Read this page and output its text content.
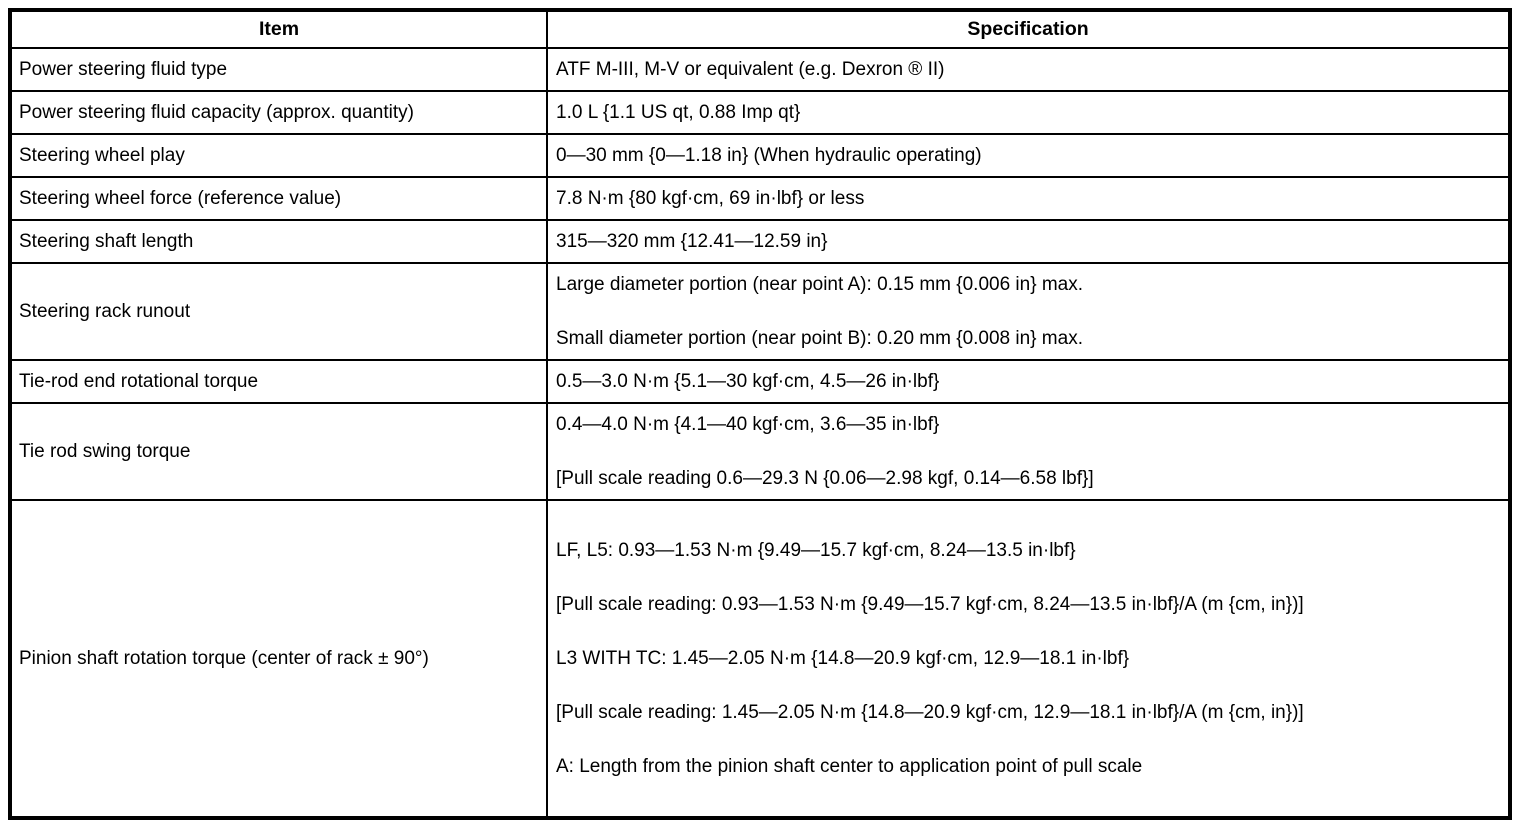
Item	Specification
Power steering fluid type	ATF M-III, M-V or equivalent (e.g. Dexron ® II)

Power steering fluid capacity (approx. quantity)	1.0 L {1.1 US qt, 0.88 Imp qt}

Steering wheel play	0—30 mm {0—1.18 in} (When hydraulic operating)

Steering wheel force (reference value)	7.8 N·m {80 kgf·cm, 69 in·lbf} or less

Steering shaft length	315—320 mm {12.41—12.59 in}

Steering rack runout	Large diameter portion (near point A): 0.15 mm {0.006 in} max.

Small diameter portion (near point B): 0.20 mm {0.008 in} max.

Tie-rod end rotational torque	0.5—3.0 N·m {5.1—30 kgf·cm, 4.5—26 in·lbf}

Tie rod swing torque	0.4—4.0 N·m {4.1—40 kgf·cm, 3.6—35 in·lbf}

[Pull scale reading 0.6—29.3 N {0.06—2.98 kgf, 0.14—6.58 lbf}]

Pinion shaft rotation torque (center of rack ± 90°)	LF, L5: 0.93—1.53 N·m {9.49—15.7 kgf·cm, 8.24—13.5 in·lbf}

[Pull scale reading: 0.93—1.53 N·m {9.49—15.7 kgf·cm, 8.24—13.5 in·lbf}/A (m {cm, in})]

L3 WITH TC: 1.45—2.05 N·m {14.8—20.9 kgf·cm, 12.9—18.1 in·lbf}

[Pull scale reading: 1.45—2.05 N·m {14.8—20.9 kgf·cm, 12.9—18.1 in·lbf}/A (m {cm, in})]

A: Length from the pinion shaft center to application point of pull scale
